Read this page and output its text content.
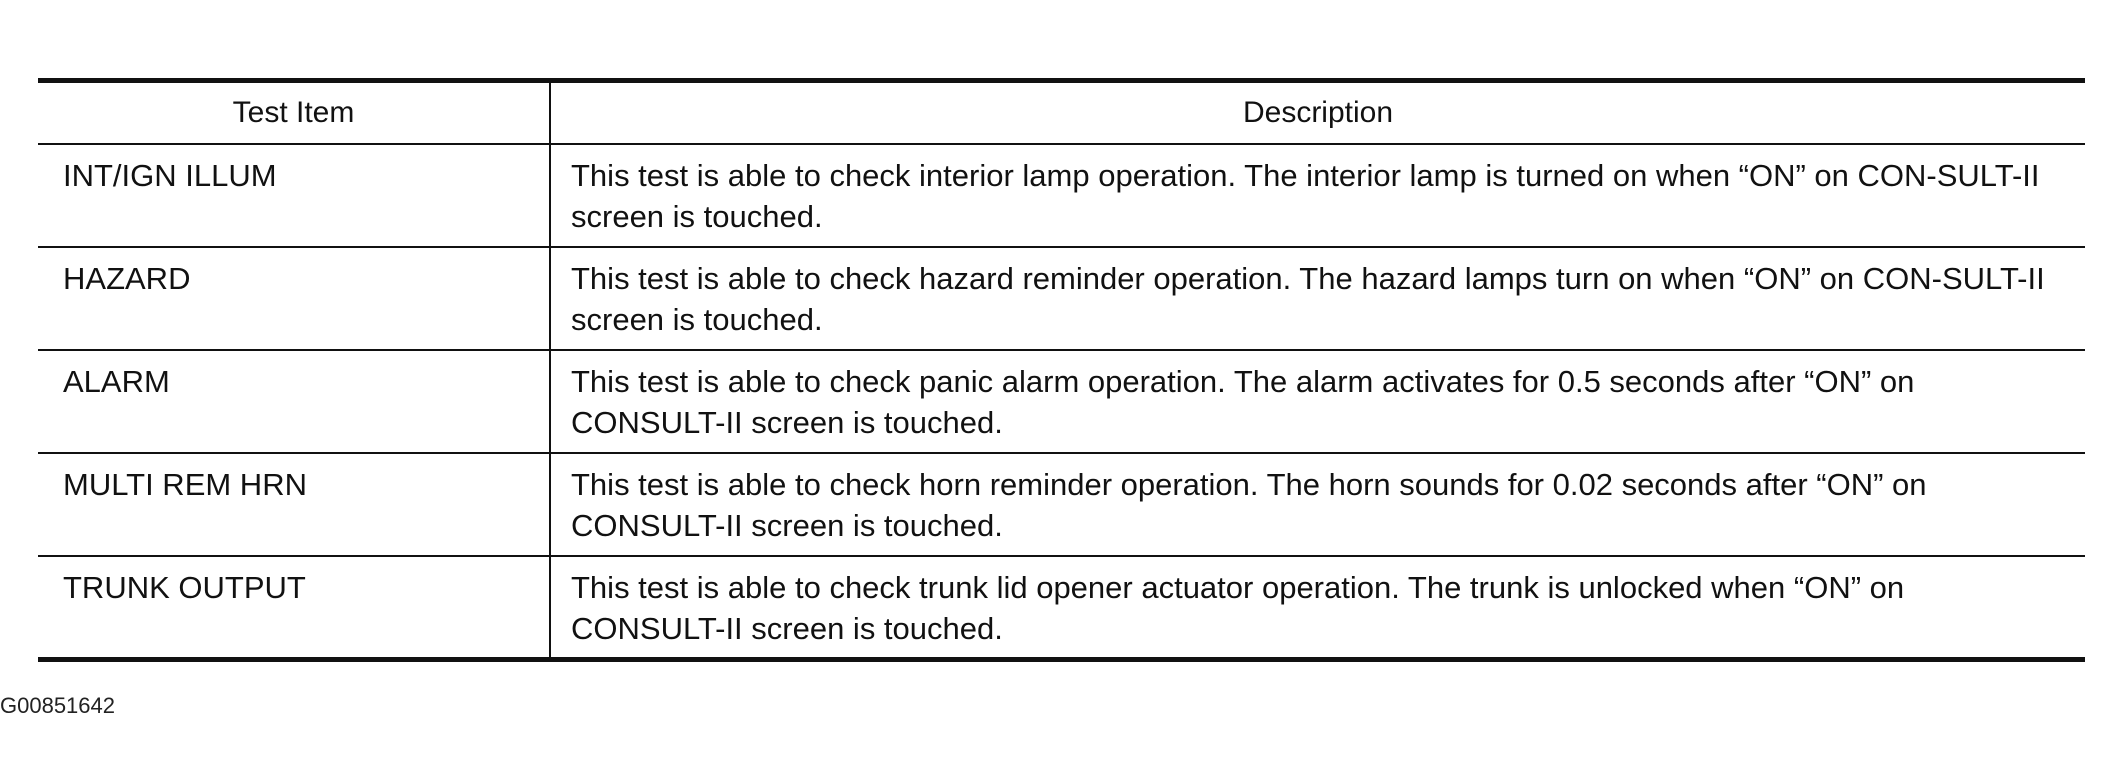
Test Item	Description
INT/IGN ILLUM	This test is able to check interior lamp operation. The interior lamp is turned on when “ON” on CON-SULT-II screen is touched.
HAZARD	This test is able to check hazard reminder operation. The hazard lamps turn on when “ON” on CON-SULT-II screen is touched.
ALARM	This test is able to check panic alarm operation. The alarm activates for 0.5 seconds after “ON” on CONSULT-II screen is touched.
MULTI REM HRN	This test is able to check horn reminder operation. The horn sounds for 0.02 seconds after “ON” on CONSULT-II screen is touched.
TRUNK OUTPUT	This test is able to check trunk lid opener actuator operation. The trunk is unlocked when “ON” on CONSULT-II screen is touched.
G00851642
